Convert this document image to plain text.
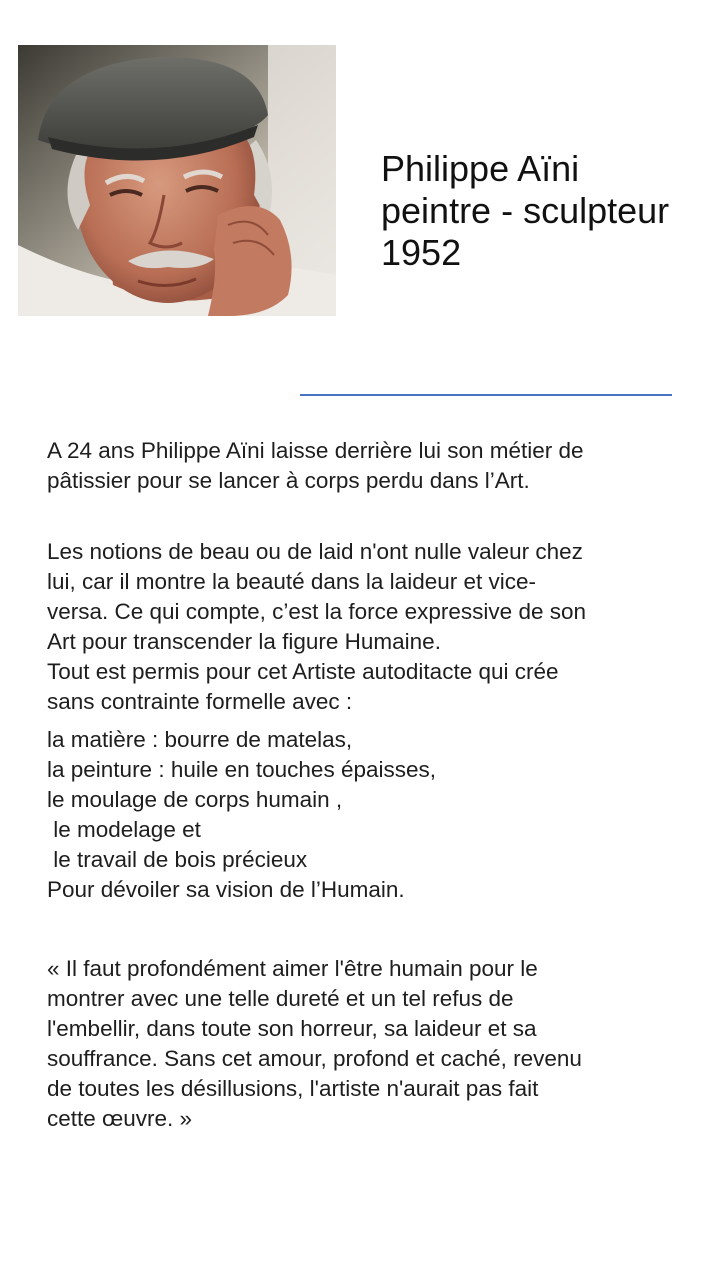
Philippe Aïni
peintre - sculpteur
1952
A 24 ans Philippe Aïni laisse derrière lui son métier de
pâtissier pour se lancer à corps perdu dans l’Art.
Les notions de beau ou de laid n'ont nulle valeur chez
lui, car il montre la beauté dans la laideur et vice-
versa. Ce qui compte, c’est la force expressive de son
Art pour transcender la figure Humaine.
Tout est permis pour cet Artiste autoditacte qui crée
sans contrainte formelle avec :
la matière : bourre de matelas,
la peinture : huile en touches épaisses,
le moulage de corps humain ,
le modelage et
le travail de bois précieux
Pour dévoiler sa vision de l’Humain.
« Il faut profondément aimer l'être humain pour le
montrer avec une telle dureté et un tel refus de
l'embellir, dans toute son horreur, sa laideur et sa
souffrance. Sans cet amour, profond et caché, revenu
de toutes les désillusions, l'artiste n'aurait pas fait
cette œuvre. »
